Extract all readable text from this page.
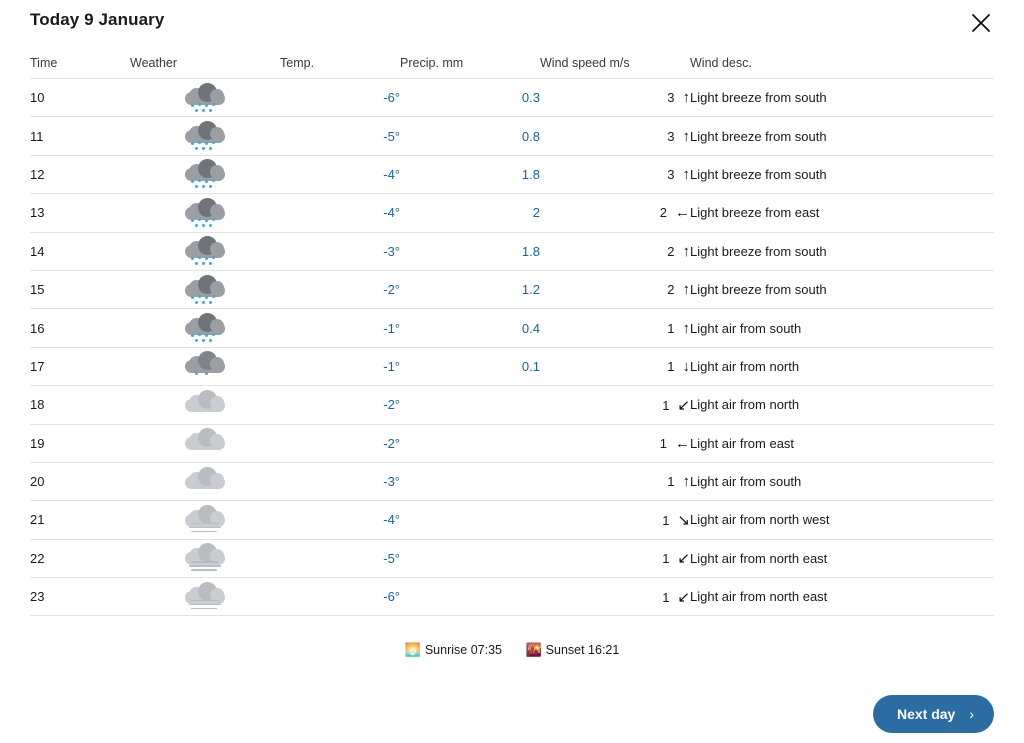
Today 9 January
Time	Weather	Temp.	Precip. mm	Wind speed m/s	Wind desc.
10		-6°	0.3	3 ↑	Light breeze from south
11		-5°	0.8	3 ↑	Light breeze from south
12		-4°	1.8	3 ↑	Light breeze from south
13		-4°	2	2 ←	Light breeze from east
14		-3°	1.8	2 ↑	Light breeze from south
15		-2°	1.2	2 ↑	Light breeze from south
16		-1°	0.4	1 ↑	Light air from south
17		-1°	0.1	1 ↓	Light air from north
18		-2°		1 ↙	Light air from north
19		-2°		1 ←	Light air from east
20		-3°		1 ↑	Light air from south
21		-4°		1 ↘	Light air from north west
22		-5°		1 ↙	Light air from north east
23		-6°		1 ↙	Light air from north east
🌅 Sunrise 07:35 🌇 Sunset 16:21
Next day ›
